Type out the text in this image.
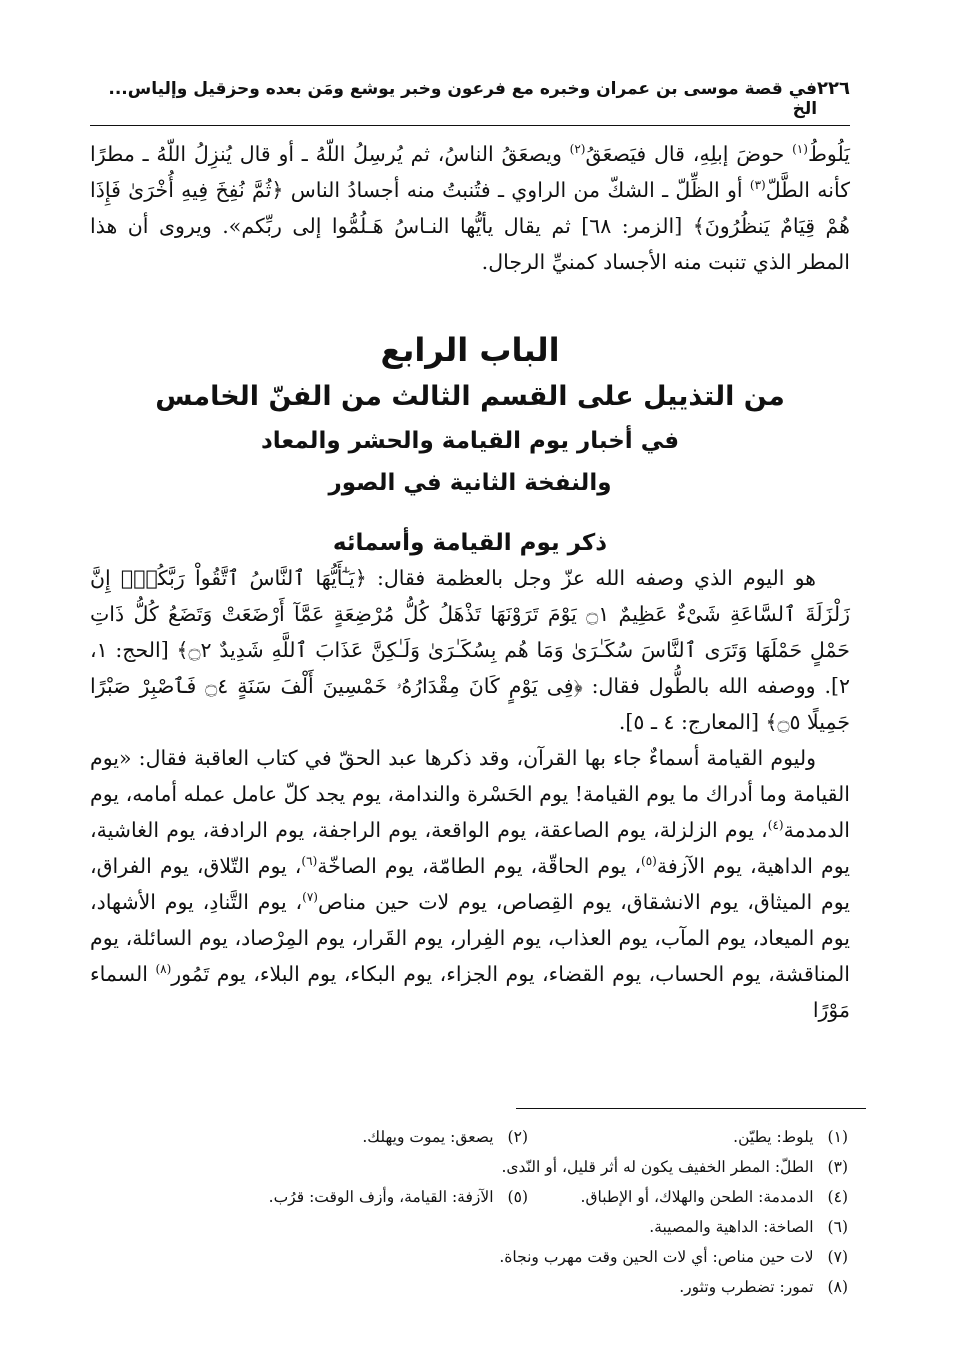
٢٢٦
في قصة موسى بن عمران وخبره مع فرعون وخبر يوشع ومَن بعده وحزقيل وإلياس... الخ

يَلُوطُ$^{(١)}$ حوضَ إبلِهِ، قال فيَصعَقُ$^{(٢)}$ ويصعَقُ الناسُ، ثم يُرسِلُ اللّهُ ـ أو قال يُنزِلُ اللّهُ ـ مطرًا كأنه الطَّلّ$^{(٣)}$ أو الظِّلّ ـ الشكّ من الراوي ـ فتُنبتُ منه أجسادُ الناس ﴿ثُمَّ نُفِخَ فِيهِ أُخْرَىٰ فَإِذَا هُمْ قِيَامٌ يَنظُرُونَ﴾ [الزمر: ٦٨] ثم يقال يأيُّها النـاسُ هَـلُمُّوا إلى ربِّكم». ويروى أن هذا المطر الذي تنبت منه الأجساد كمنيِّ الرجال.

الباب الرابع
من التذييل على القسم الثالث من الفنّ الخامس
في أخبار يوم القيامة والحشر والمعاد
والنفخة الثانية في الصور
ذكر يوم القيامة وأسمائه

هو اليوم الذي وصفه الله عزّ وجل بالعظمة فقال: ﴿يَـٰٓأَيُّهَا ٱلنَّاسُ ٱتَّقُواْ رَبَّكُمْۚ إِنَّ زَلْزَلَةَ ٱلسَّاعَةِ شَىْءٌ عَظِيمٌ ۝١ يَوْمَ تَرَوْنَهَا تَذْهَلُ كُلُّ مُرْضِعَةٍ عَمَّآ أَرْضَعَتْ وَتَضَعُ كُلُّ ذَاتِ حَمْلٍ حَمْلَهَا وَتَرَى ٱلنَّاسَ سُكَـٰرَىٰ وَمَا هُم بِسُكَـٰرَىٰ وَلَـٰكِنَّ عَذَابَ ٱللَّهِ شَدِيدٌ ۝٢﴾ [الحج: ١، ٢]. ووصفه الله بالطُّول فقال: ﴿فِى يَوْمٍ كَانَ مِقْدَارُهُۥ خَمْسِينَ أَلْفَ سَنَةٍ ۝٤ فَٱصْبِرْ صَبْرًا جَمِيلًا ۝٥﴾ [المعارج: ٤ ـ ٥].

وليوم القيامة أسماءٌ جاء بها القرآن، وقد ذكرها عبد الحقّ في كتاب العاقبة فقال: «يوم القيامة وما أدراك ما يوم القيامة! يوم الحَسْرة والندامة، يوم يجد كلّ عامل عمله أمامه، يوم الدمدمة$^{(٤)}$، يوم الزلزلة، يوم الصاعقة، يوم الواقعة، يوم الراجفة، يوم الرادفة، يوم الغاشية، يوم الداهية، يوم الآزفة$^{(٥)}$، يوم الحاقّة، يوم الطامّة، يوم الصاخّة$^{(٦)}$، يوم التّلاق، يوم الفراق، يوم الميثاق، يوم الانشقاق، يوم القِصاص، يوم لات حين مناص$^{(٧)}$، يوم التَّنادِ، يوم الأشهاد، يوم الميعاد، يوم المآب، يوم العذاب، يوم الفِرار، يوم القَرار، يوم المِرْصاد، يوم السائلة، يوم المناقشة، يوم الحساب، يوم القضاء، يوم الجزاء، يوم البكاء، يوم البلاء، يوم تَمُور$^{(٨)}$ السماء مَوْرًا

(١)يلوط: يطيّن.
(٢)يصعق: يموت ويهلك.
(٣)الطلّ: المطر الخفيف يكون له أثر قليل، أو النّدى.
(٤)الدمدمة: الطحن والهلاك، أو الإطباق.
(٥)الآزفة: القيامة، وأزف الوقت: قرُب.
(٦)الصاخة: الداهية والمصيبة.
(٧)لات حين مناص: أي لات الحين وقت مهرب ونجاة.
(٨)تمور: تضطرب وتثور.
